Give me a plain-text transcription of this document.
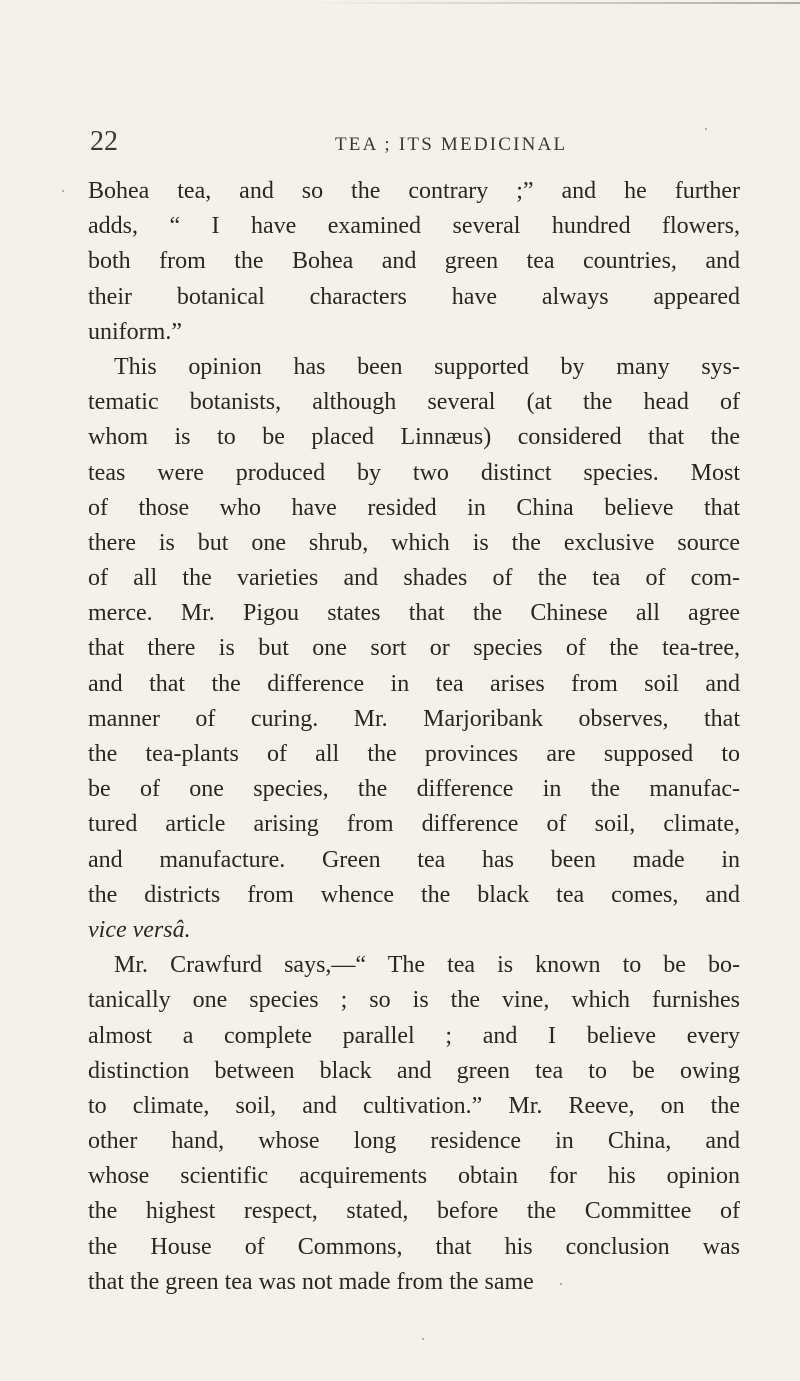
22	TEA ; ITS MEDICINAL
Bohea tea, and so the contrary ;” and he further
adds, “ I have examined several hundred flowers,
both from the Bohea and green tea countries, and
their botanical characters have always appeared
uniform.”
This opinion has been supported by many sys-
tematic botanists, although several (at the head of
whom is to be placed Linnæus) considered that the
teas were produced by two distinct species. Most
of those who have resided in China believe that
there is but one shrub, which is the exclusive source
of all the varieties and shades of the tea of com-
merce. Mr. Pigou states that the Chinese all agree
that there is but one sort or species of the tea-tree,
and that the difference in tea arises from soil and
manner of curing. Mr. Marjoribank observes, that
the tea-plants of all the provinces are supposed to
be of one species, the difference in the manufac-
tured article arising from difference of soil, climate,
and manufacture. Green tea has been made in
the districts from whence the black tea comes, and
vice versâ.
Mr. Crawfurd says,—“ The tea is known to be bo-
tanically one species ; so is the vine, which furnishes
almost a complete parallel ; and I believe every
distinction between black and green tea to be owing
to climate, soil, and cultivation.” Mr. Reeve, on the
other hand, whose long residence in China, and
whose scientific acquirements obtain for his opinion
the highest respect, stated, before the Committee of
the House of Commons, that his conclusion was
that the green tea was not made from the same
